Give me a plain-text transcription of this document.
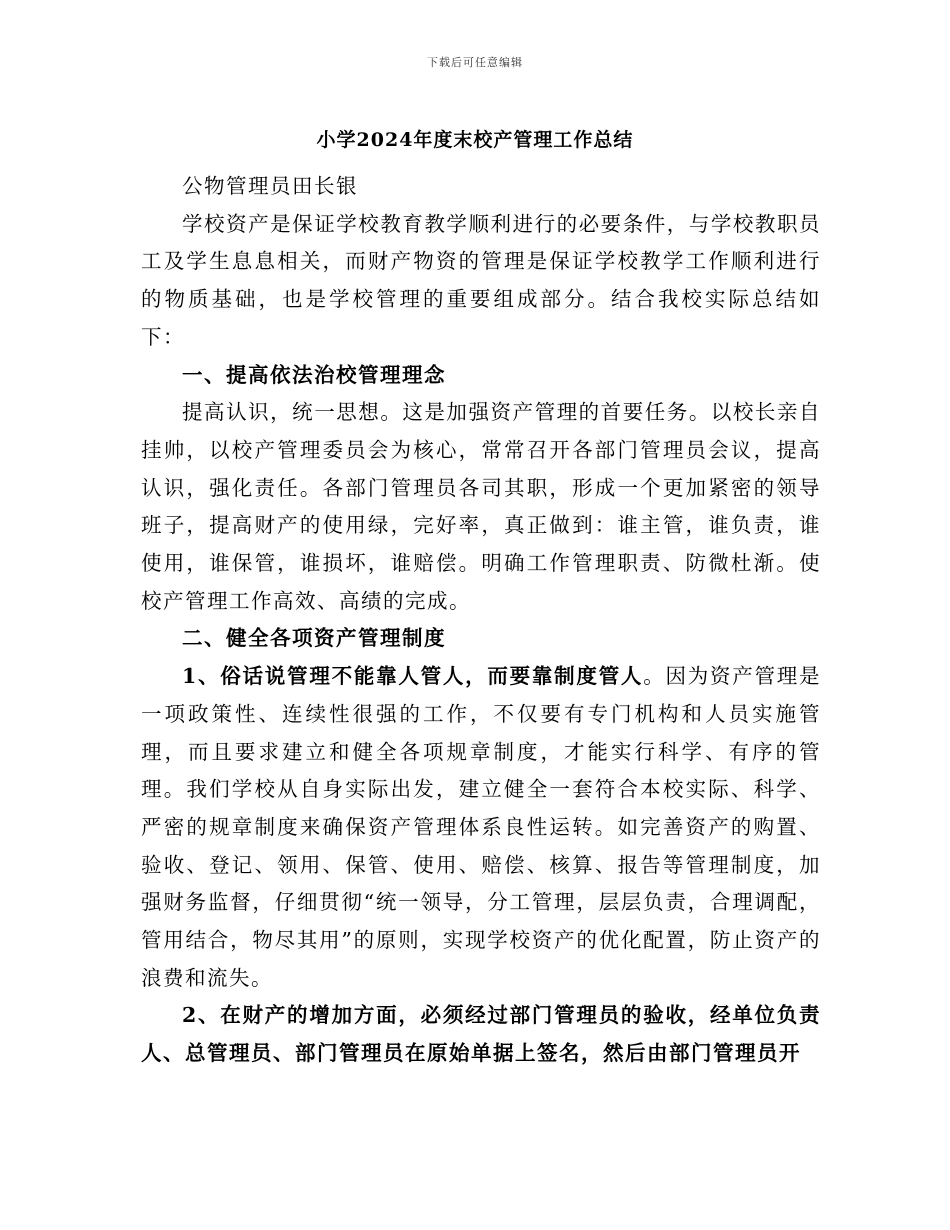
下载后可任意编辑
小学2024年度末校产管理工作总结

公物管理员田长银

学校资产是保证学校教育教学顺利进行的必要条件，与学校教职员工及学生息息相关，而财产物资的管理是保证学校教学工作顺利进行的物质基础，也是学校管理的重要组成部分。结合我校实际总结如下：

一、提高依法治校管理理念

提高认识，统一思想。这是加强资产管理的首要任务。以校长亲自挂帅，以校产管理委员会为核心，常常召开各部门管理员会议，提高认识，强化责任。各部门管理员各司其职，形成一个更加紧密的领导班子，提高财产的使用绿，完好率，真正做到：谁主管，谁负责，谁使用，谁保管，谁损坏，谁赔偿。明确工作管理职责、防微杜渐。使校产管理工作高效、高绩的完成。

二、健全各项资产管理制度

1、俗话说管理不能靠人管人，而要靠制度管人。因为资产管理是一项政策性、连续性很强的工作，不仅要有专门机构和人员实施管理，而且要求建立和健全各项规章制度，才能实行科学、有序的管理。我们学校从自身实际出发，建立健全一套符合本校实际、科学、严密的规章制度来确保资产管理体系良性运转。如完善资产的购置、验收、登记、领用、保管、使用、赔偿、核算、报告等管理制度，加强财务监督，仔细贯彻“统一领导，分工管理，层层负责，合理调配，管用结合，物尽其用”的原则，实现学校资产的优化配置，防止资产的浪费和流失。

2、在财产的增加方面，必须经过部门管理员的验收，经单位负责人、总管理员、部门管理员在原始单据上签名，然后由部门管理员开
